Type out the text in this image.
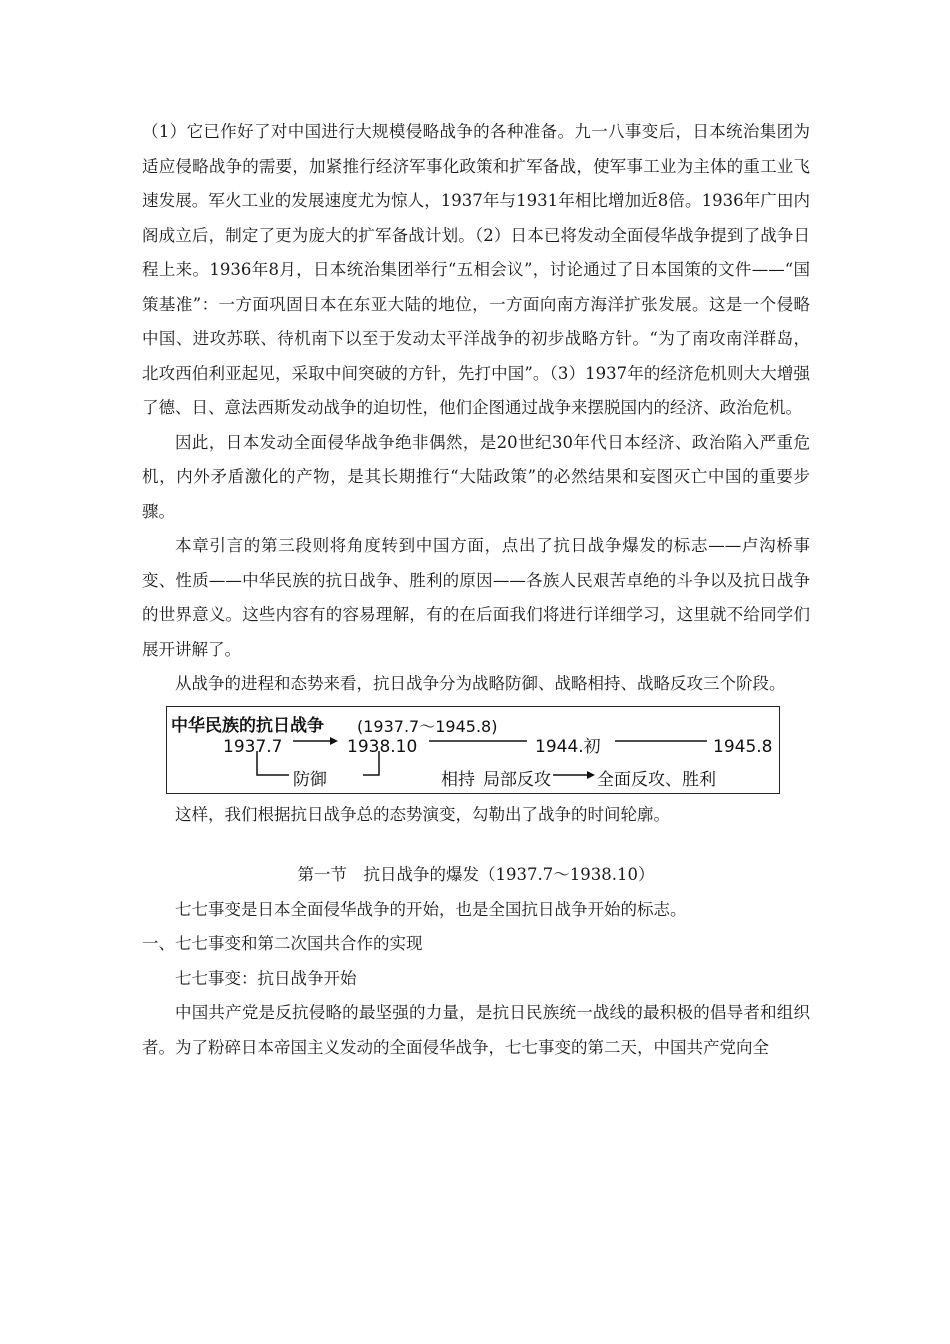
（1）它已作好了对中国进行大规模侵略战争的各种准备。九一八事变后，日本统治集团为适应侵略战争的需要，加紧推行经济军事化政策和扩军备战，使军事工业为主体的重工业飞速发展。军火工业的发展速度尤为惊人，1937年与1931年相比增加近8倍。1936年广田内阁成立后，制定了更为庞大的扩军备战计划。（2）日本已将发动全面侵华战争提到了战争日程上来。1936年8月，日本统治集团举行“五相会议”，讨论通过了日本国策的文件——“国策基准”：一方面巩固日本在东亚大陆的地位，一方面向南方海洋扩张发展。这是一个侵略中国、进攻苏联、待机南下以至于发动太平洋战争的初步战略方针。“为了南攻南洋群岛，北攻西伯利亚起见，采取中间突破的方针，先打中国”。（3）1937年的经济危机则大大增强了德、日、意法西斯发动战争的迫切性，他们企图通过战争来摆脱国内的经济、政治危机。

因此，日本发动全面侵华战争绝非偶然，是20世纪30年代日本经济、政治陷入严重危机，内外矛盾激化的产物，是其长期推行“大陆政策”的必然结果和妄图灭亡中国的重要步骤。

本章引言的第三段则将角度转到中国方面，点出了抗日战争爆发的标志——卢沟桥事变、性质——中华民族的抗日战争、胜利的原因——各族人民艰苦卓绝的斗争以及抗日战争的世界意义。这些内容有的容易理解，有的在后面我们将进行详细学习，这里就不给同学们展开讲解了。

从战争的进程和态势来看，抗日战争分为战略防御、战略相持、战略反攻三个阶段。

中华民族的抗日战争 (1937.7～1945.8)
1937.7	1938.10	1944.初	1945.8
防御	相持 局部反攻	全面反攻、胜利

这样，我们根据抗日战争总的态势演变，勾勒出了战争的时间轮廓。

第一节　抗日战争的爆发（1937.7～1938.10）

七七事变是日本全面侵华战争的开始，也是全国抗日战争开始的标志。

一、七七事变和第二次国共合作的实现

七七事变：抗日战争开始

中国共产党是反抗侵略的最坚强的力量，是抗日民族统一战线的最积极的倡导者和组织者。为了粉碎日本帝国主义发动的全面侵华战争，七七事变的第二天，中国共产党向全
